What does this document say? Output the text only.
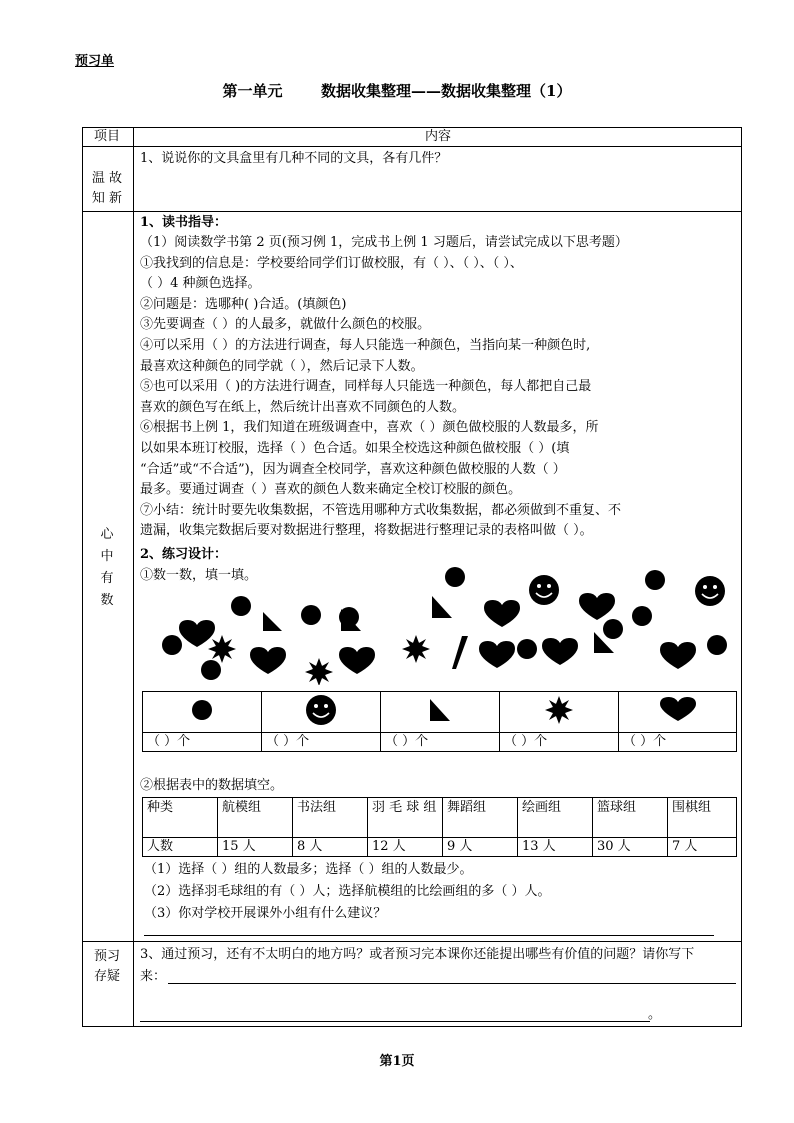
预习单
第一单元	数据收集整理——数据收集整理（1）
项目	内容
温 故
知 新
1、说说你的文具盒里有几种不同的文具，各有几件？
心
中
有
数
1、读书指导：
（1）阅读数学书第 2 页(预习例 1，完成书上例 1 习题后，请尝试完成以下思考题）
①我找到的信息是：学校要给同学们订做校服，有（ ）、（ ）、（ ）、
（ ）4 种颜色选择。
②问题是：选哪种( )合适。(填颜色)
③先要调查（ ）的人最多，就做什么颜色的校服。
④可以采用（ ）的方法进行调查，每人只能选一种颜色，当指向某一种颜色时,
最喜欢这种颜色的同学就（ ），然后记录下人数。
⑤也可以采用（ )的方法进行调查，同样每人只能选一种颜色，每人都把自己最
喜欢的颜色写在纸上，然后统计出喜欢不同颜色的人数。
⑥根据书上例 1，我们知道在班级调查中，喜欢（ ）颜色做校服的人数最多，所
以如果本班订校服，选择（ ）色合适。如果全校选这种颜色做校服（ ）(填
“合适”或“不合适”)，因为调查全校同学，喜欢这种颜色做校服的人数（ ）
最多。要通过调查（ ）喜欢的颜色人数来确定全校订校服的颜色。
⑦小结：统计时要先收集数据，不管选用哪种方式收集数据，都必须做到不重复、不
遗漏，收集完数据后要对数据进行整理，将数据进行整理记录的表格叫做（ ）。
2、练习设计：
①数一数，填一填。

（ ）个	（ ）个	（ ）个	（ ）个	（ ）个
②根据表中的数据填空。
种类	航模组	书法组	羽 毛 球 组	舞蹈组	绘画组	篮球组	围棋组
人数	15 人	8 人	12 人	9 人	13 人	30 人	7 人
（1）选择（ ）组的人数最多；选择（ ）组的人数最少。
（2）选择羽毛球组的有（ ）人；选择航模组的比绘画组的多（ ）人。
（3）你对学校开展课外小组有什么建议？
预习
存疑
3、通过预习，还有不太明白的地方吗？或者预习完本课你还能提出哪些有价值的问题？请你写下
来：
。
第1页
